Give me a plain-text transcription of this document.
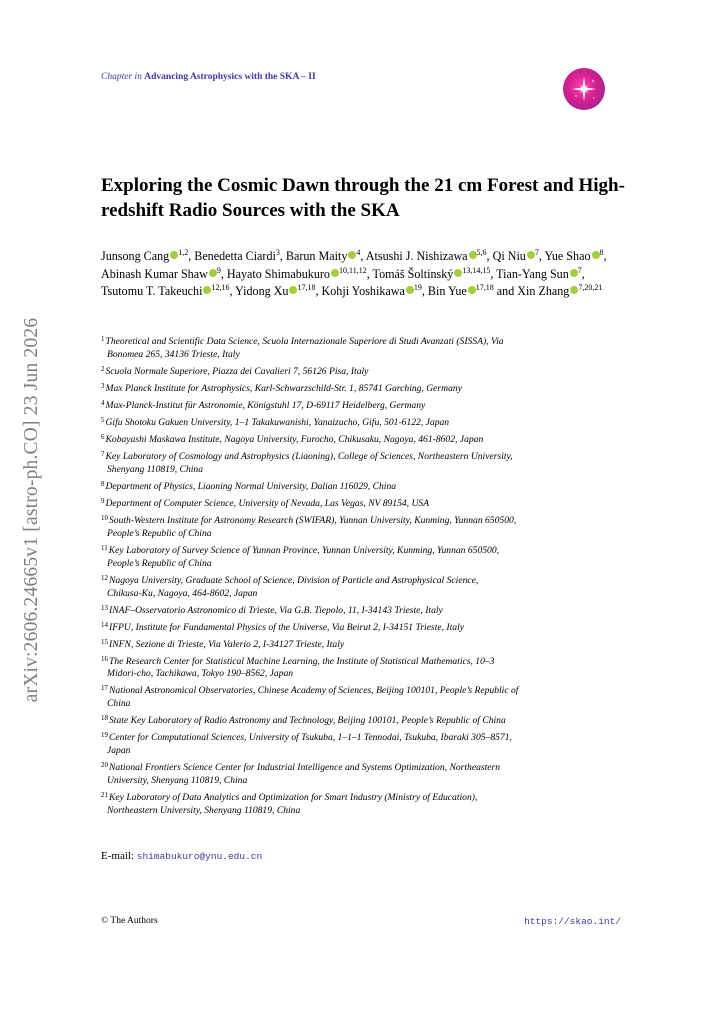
arXiv:2606.24665v1 [astro-ph.CO] 23 Jun 2026
Chapter in Advancing Astrophysics with the SKA – II
Exploring the Cosmic Dawn through the 21 cm Forest and High-redshift Radio Sources with the SKA
Junsong Cang $^{1,2}$, Benedetta Ciardi$^3$, Barun Maity $^4$, Atsushi J. Nishizawa $^{5,6}$, Qi Niu $^7$, Yue Shao $^8$, Abinash Kumar Shaw $^9$, Hayato Shimabukuro $^{10,11,12}$, Tomáš Šoltinský $^{13,14,15}$, Tian-Yang Sun $^7$, Tsutomu T. Takeuchi $^{12,16}$, Yidong Xu $^{17,18}$, Kohji Yoshikawa $^{19}$, Bin Yue $^{17,18}$ and Xin Zhang $^{7,20,21}$
$^1$Theoretical and Scientific Data Science, Scuola Internazionale Superiore di Studi Avanzati (SISSA), Via
Bonomea 265, 34136 Trieste, Italy
$^2$Scuola Normale Superiore, Piazza dei Cavalieri 7, 56126 Pisa, Italy
$^3$Max Planck Institute for Astrophysics, Karl-Schwarzschild-Str. 1, 85741 Garching, Germany
$^4$Max-Planck-Institut für Astronomie, Königstuhl 17, D-69117 Heidelberg, Germany
$^5$Gifu Shotoku Gakuen University, 1–1 Takakuwanishi, Yanaizucho, Gifu, 501-6122, Japan
$^6$Kobayashi Maskawa Institute, Nagoya University, Furocho, Chikusaku, Nagoya, 461-8602, Japan
$^7$Key Laboratory of Cosmology and Astrophysics (Liaoning), College of Sciences, Northeastern University,
Shenyang 110819, China
$^8$Department of Physics, Liaoning Normal University, Dalian 116029, China
$^9$Department of Computer Science, University of Nevada, Las Vegas, NV 89154, USA
$^{10}$South-Western Institute for Astronomy Research (SWIFAR), Yunnan University, Kunming, Yunnan 650500,
People’s Republic of China
$^{11}$Key Laboratory of Survey Science of Yunnan Province, Yunnan University, Kunming, Yunnan 650500,
People’s Republic of China
$^{12}$Nagoya University, Graduate School of Science, Division of Particle and Astrophysical Science,
Chikusa-Ku, Nagoya, 464-8602, Japan
$^{13}$INAF–Osservatorio Astronomico di Trieste, Via G.B. Tiepolo, 11, I-34143 Trieste, Italy
$^{14}$IFPU, Institute for Fundamental Physics of the Universe, Via Beirut 2, I-34151 Trieste, Italy
$^{15}$INFN, Sezione di Trieste, Via Valerio 2, I-34127 Trieste, Italy
$^{16}$The Research Center for Statistical Machine Learning, the Institute of Statistical Mathematics, 10–3
Midori-cho, Tachikawa, Tokyo 190–8562, Japan
$^{17}$National Astronomical Observatories, Chinese Academy of Sciences, Beijing 100101, People’s Republic of
China
$^{18}$State Key Laboratory of Radio Astronomy and Technology, Beijing 100101, People’s Republic of China
$^{19}$Center for Computational Sciences, University of Tsukuba, 1–1–1 Tennodai, Tsukuba, Ibaraki 305–8571,
Japan
$^{20}$National Frontiers Science Center for Industrial Intelligence and Systems Optimization, Northeastern
University, Shenyang 110819, China
$^{21}$Key Laboratory of Data Analytics and Optimization for Smart Industry (Ministry of Education),
Northeastern University, Shenyang 110819, China
E-mail: shimabukuro@ynu.edu.cn
© The Authors	https://skao.int/
